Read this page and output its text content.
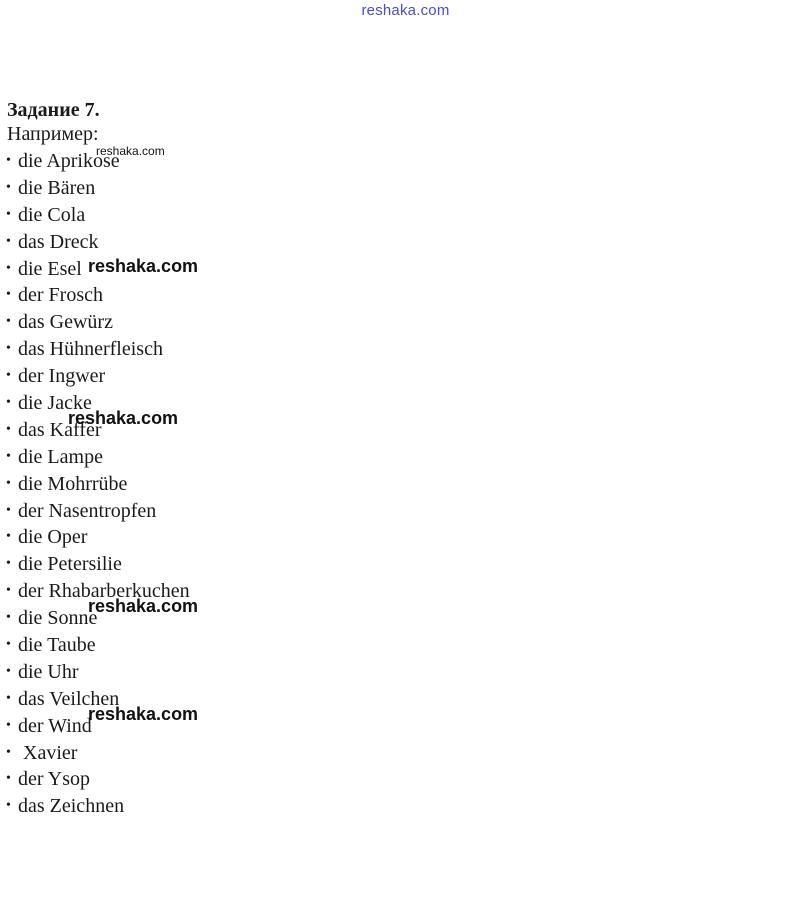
reshaka.com
Задание 7.
Например:
• die Aprikose
• die Bären
• die Cola
• das Dreck
• die Esel
• der Frosch
• das Gewürz
• das Hühnerfleisch
• der Ingwer
• die Jacke
• das Kaffer
• die Lampe
• die Mohrrübe
• der Nasentropfen
• die Oper
• die Petersilie
• der Rhabarberkuchen
• die Sonne
• die Taube
• die Uhr
• das Veilchen
• der Wind
• Xavier
• der Ysop
• das Zeichnen
reshaka.com
reshaka.com
reshaka.com
reshaka.com
reshaka.com
